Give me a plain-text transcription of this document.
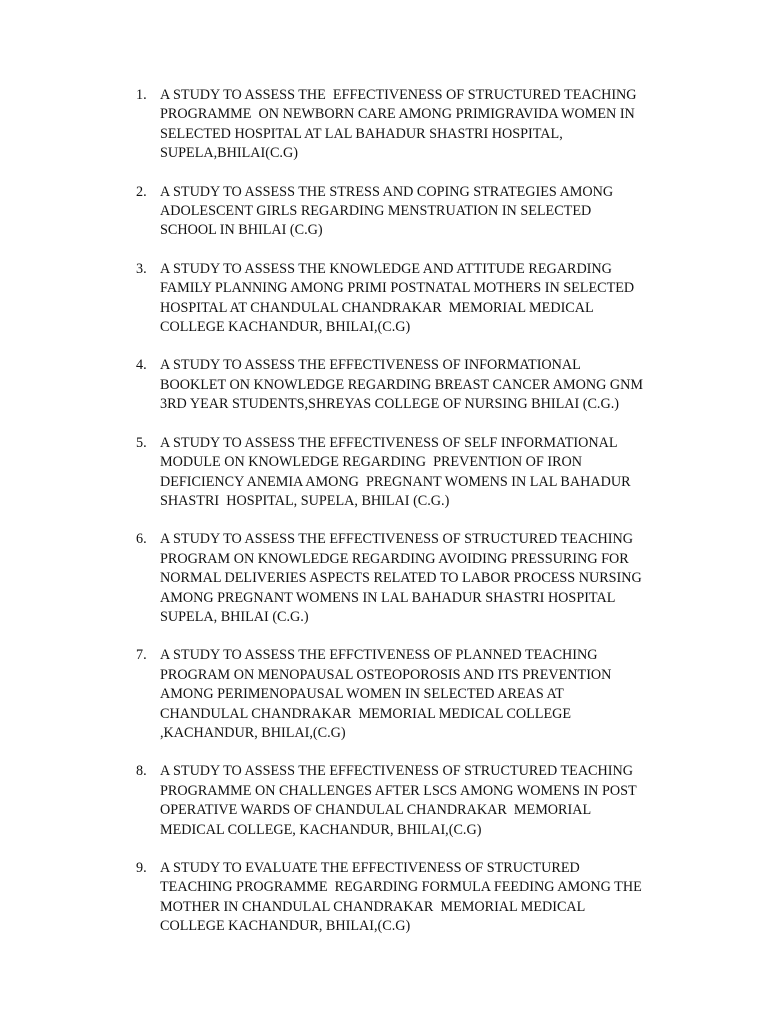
1. A STUDY TO ASSESS THE  EFFECTIVENESS OF STRUCTURED TEACHING
PROGRAMME  ON NEWBORN CARE AMONG PRIMIGRAVIDA WOMEN IN
SELECTED HOSPITAL AT LAL BAHADUR SHASTRI HOSPITAL,
SUPELA,BHILAI(C.G)
2. A STUDY TO ASSESS THE STRESS AND COPING STRATEGIES AMONG
ADOLESCENT GIRLS REGARDING MENSTRUATION IN SELECTED
SCHOOL IN BHILAI (C.G)
3. A STUDY TO ASSESS THE KNOWLEDGE AND ATTITUDE REGARDING
FAMILY PLANNING AMONG PRIMI POSTNATAL MOTHERS IN SELECTED
HOSPITAL AT CHANDULAL CHANDRAKAR  MEMORIAL MEDICAL
COLLEGE KACHANDUR, BHILAI,(C.G)
4. A STUDY TO ASSESS THE EFFECTIVENESS OF INFORMATIONAL
BOOKLET ON KNOWLEDGE REGARDING BREAST CANCER AMONG GNM
3RD YEAR STUDENTS,SHREYAS COLLEGE OF NURSING BHILAI (C.G.)
5. A STUDY TO ASSESS THE EFFECTIVENESS OF SELF INFORMATIONAL
MODULE ON KNOWLEDGE REGARDING  PREVENTION OF IRON
DEFICIENCY ANEMIA AMONG  PREGNANT WOMENS IN LAL BAHADUR
SHASTRI  HOSPITAL, SUPELA, BHILAI (C.G.)
6. A STUDY TO ASSESS THE EFFECTIVENESS OF STRUCTURED TEACHING
PROGRAM ON KNOWLEDGE REGARDING AVOIDING PRESSURING FOR
NORMAL DELIVERIES ASPECTS RELATED TO LABOR PROCESS NURSING
AMONG PREGNANT WOMENS IN LAL BAHADUR SHASTRI HOSPITAL
SUPELA, BHILAI (C.G.)
7. A STUDY TO ASSESS THE EFFCTIVENESS OF PLANNED TEACHING
PROGRAM ON MENOPAUSAL OSTEOPOROSIS AND ITS PREVENTION
AMONG PERIMENOPAUSAL WOMEN IN SELECTED AREAS AT
CHANDULAL CHANDRAKAR  MEMORIAL MEDICAL COLLEGE
,KACHANDUR, BHILAI,(C.G)
8. A STUDY TO ASSESS THE EFFECTIVENESS OF STRUCTURED TEACHING
PROGRAMME ON CHALLENGES AFTER LSCS AMONG WOMENS IN POST
OPERATIVE WARDS OF CHANDULAL CHANDRAKAR  MEMORIAL
MEDICAL COLLEGE, KACHANDUR, BHILAI,(C.G)
9. A STUDY TO EVALUATE THE EFFECTIVENESS OF STRUCTURED
TEACHING PROGRAMME  REGARDING FORMULA FEEDING AMONG THE
MOTHER IN CHANDULAL CHANDRAKAR  MEMORIAL MEDICAL
COLLEGE KACHANDUR, BHILAI,(C.G)
